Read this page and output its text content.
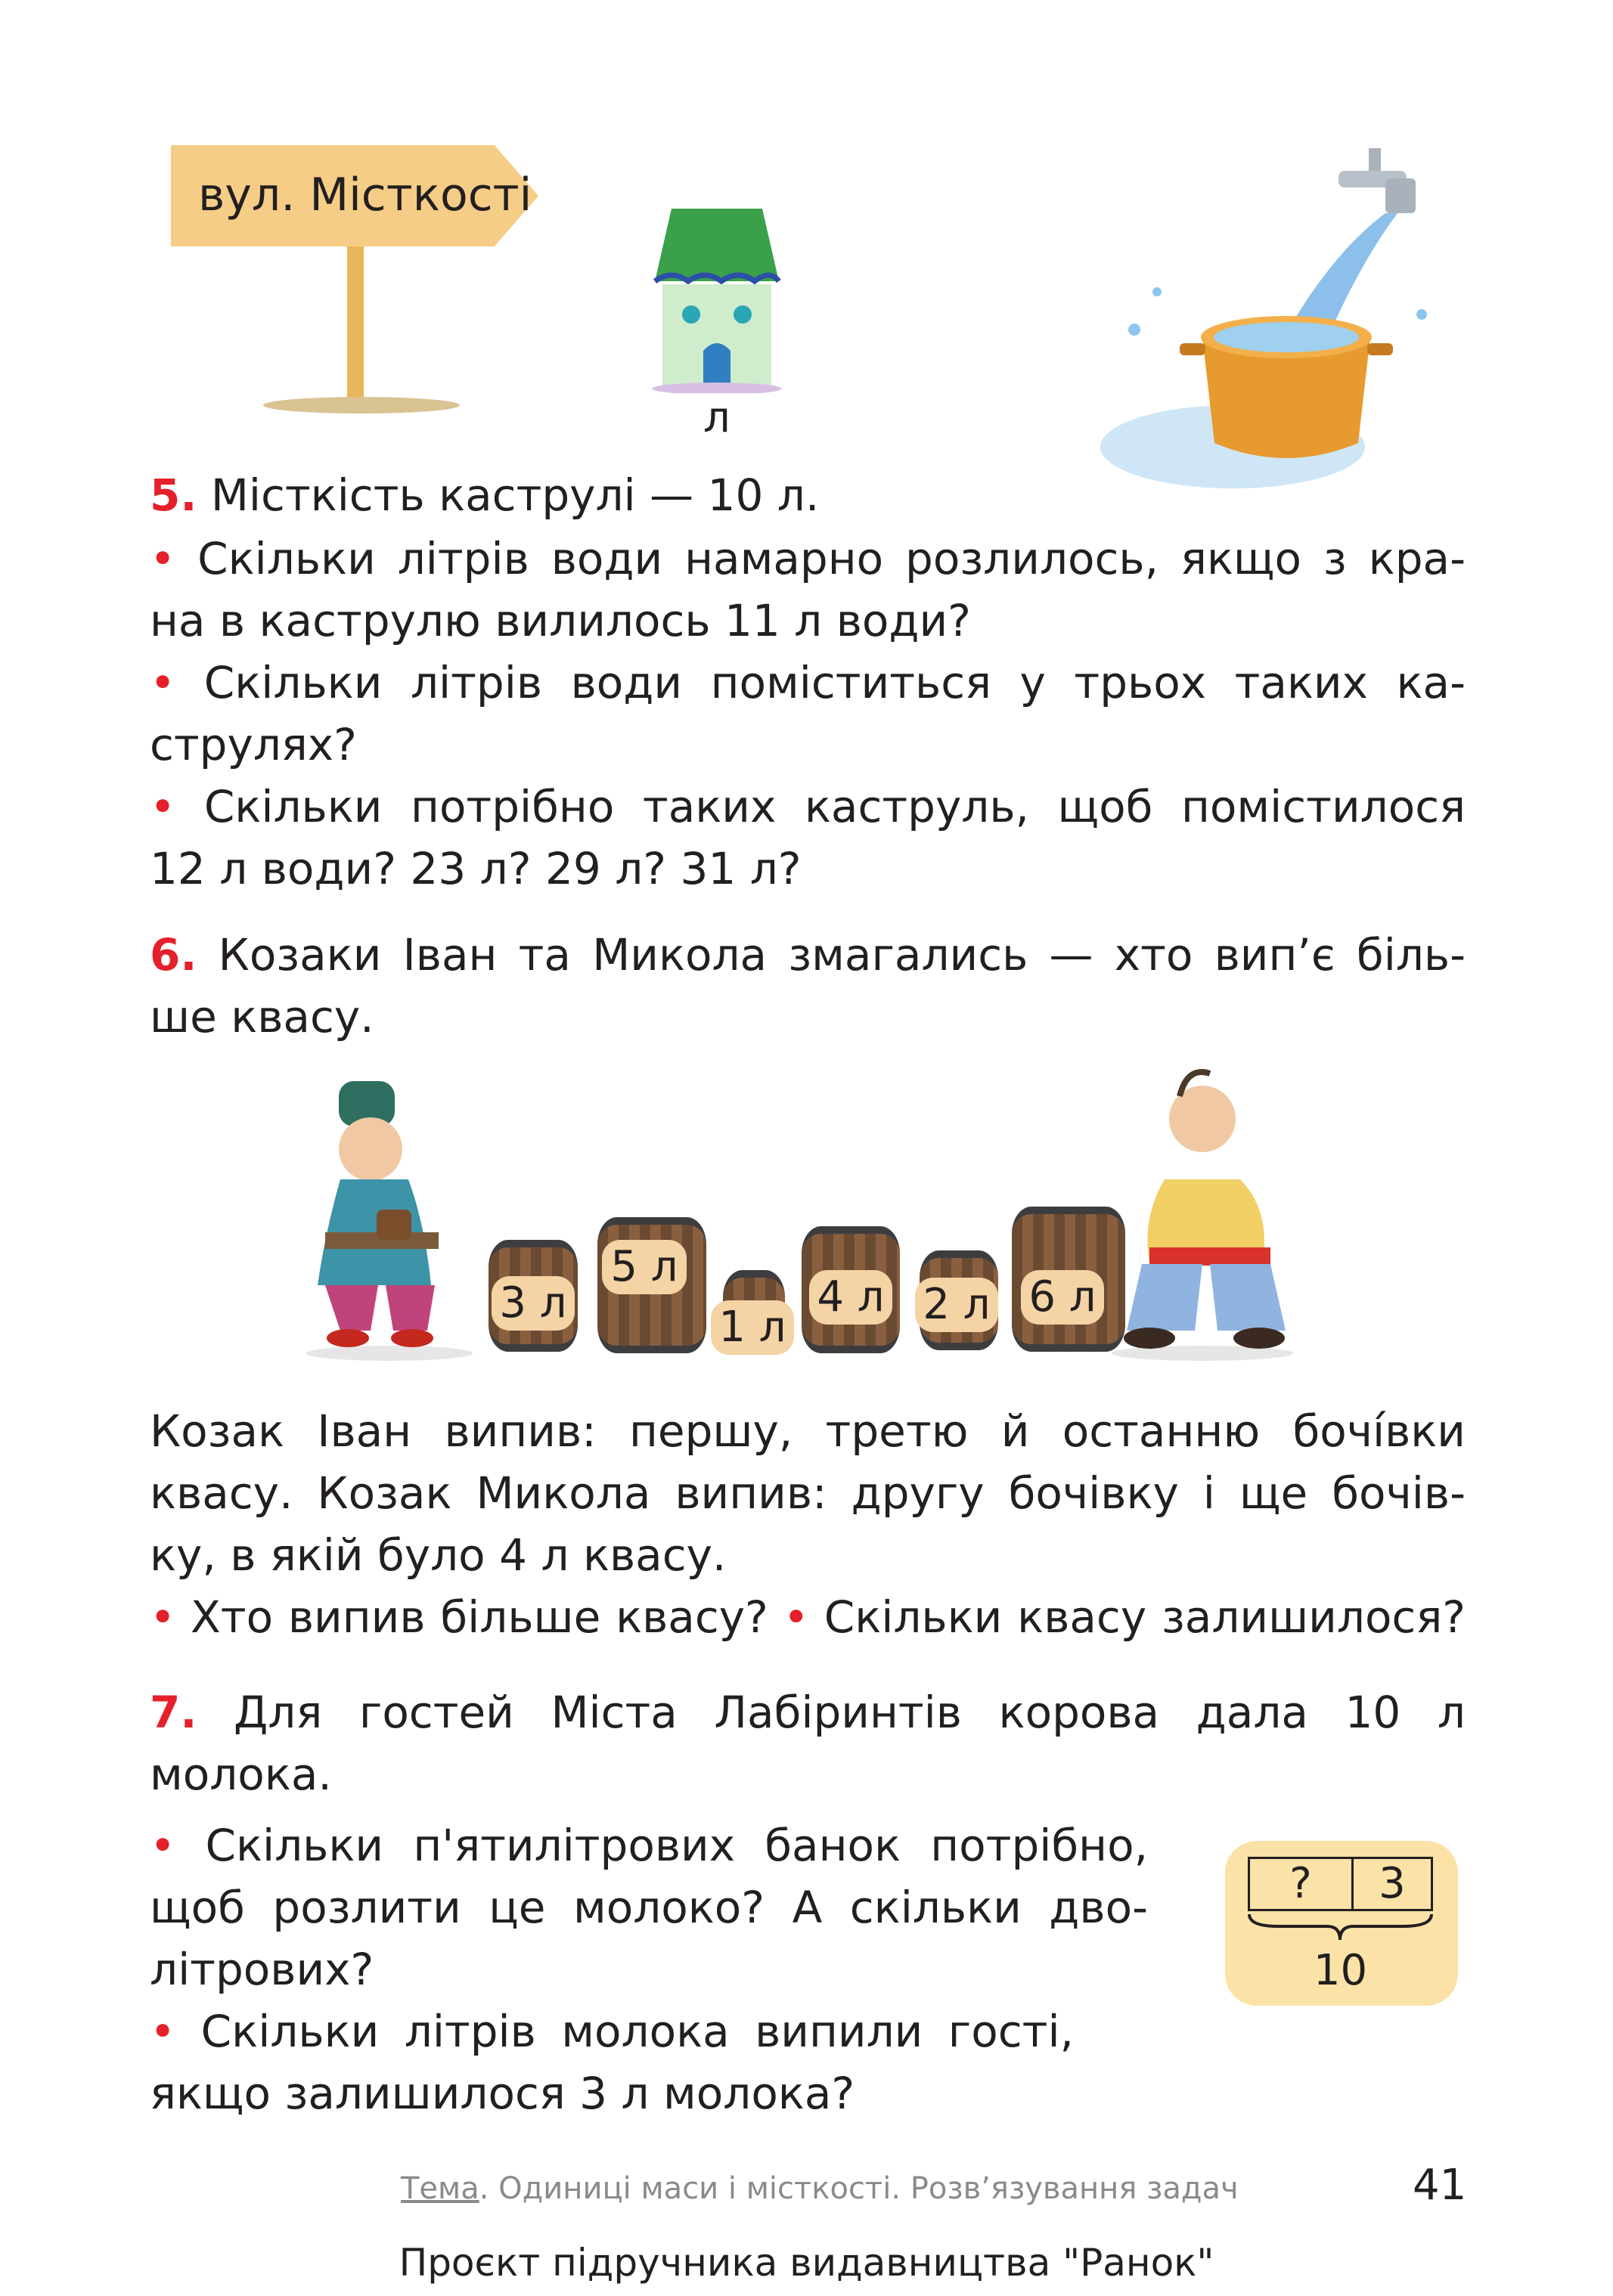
вул. Місткості
л
5. Місткість каструлі — 10 л.
• Скільки літрів води намарно розлилось, якщо з кра-
на в каструлю вилилось 11 л води?
• Скільки літрів води поміститься у трьох таких ка-
струлях?
• Скільки потрібно таких каструль, щоб помістилося
12 л води? 23 л? 29 л? 31 л?
6. Козаки Іван та Микола змагались — хто вип’є біль-
ше квасу.
3 л
5 л
1 л
4 л 2 л 6 л
Козак Іван випив: першу, третю й останню бочі́вки
квасу. Козак Микола випив: другу бочівку і ще бочів-
ку, в якій було 4 л квасу.
• Хто випив більше квасу? • Скільки квасу залишилося?
7. Для гостей Міста Лабіринтів корова дала 10 л
молока.
• Скільки п'ятилітрових банок потрібно,
щоб розлити це молоко? А скільки дво-
літрових?
• Скільки літрів молока випили гості,
якщо залишилося 3 л молока?
?	3
10
Тема. Одиниці маси і місткості. Розв’язування задач	41
Проєкт підручника видавництва "Ранок"
